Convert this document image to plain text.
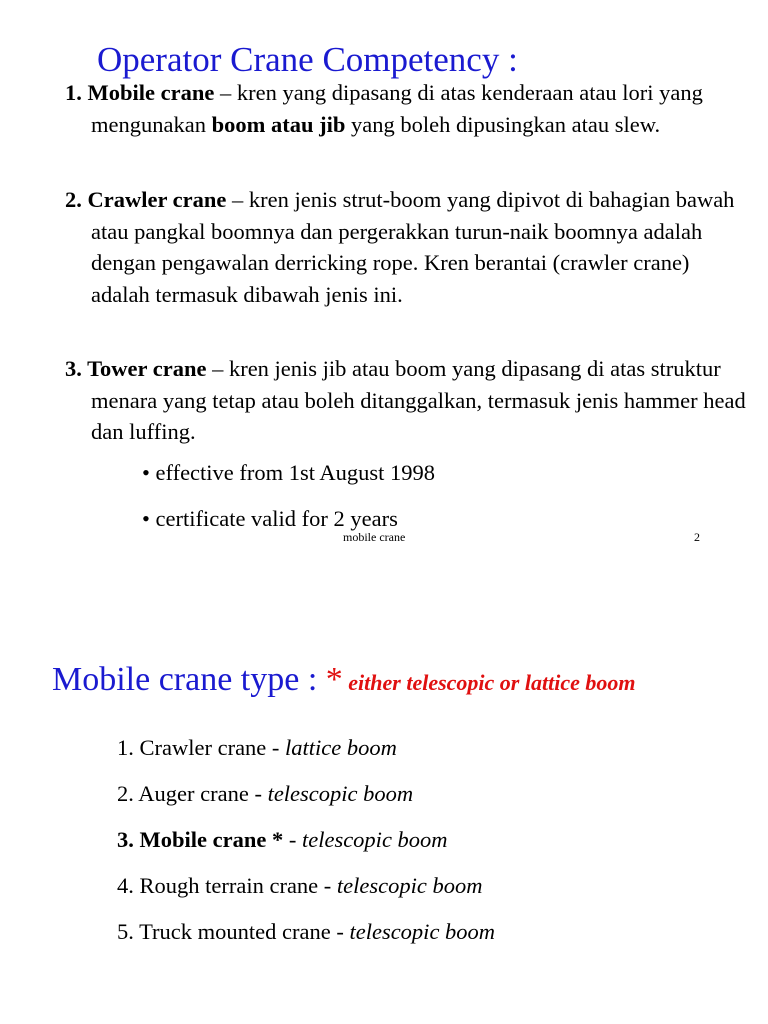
Operator Crane Competency :
1. Mobile crane – kren yang dipasang di atas kenderaan atau lori yang mengunakan boom atau jib yang boleh dipusingkan atau slew.
2. Crawler crane – kren jenis strut-boom yang dipivot di bahagian bawah atau pangkal boomnya dan pergerakkan turun-naik boomnya adalah dengan pengawalan derricking rope. Kren berantai (crawler crane) adalah termasuk dibawah jenis ini.
3. Tower crane – kren jenis jib atau boom yang dipasang di atas struktur menara yang tetap atau boleh ditanggalkan, termasuk jenis hammer head dan luffing.
• effective from 1st August 1998
• certificate valid for 2 years
mobile crane	2
Mobile crane type : * either telescopic or lattice boom
1. Crawler crane - lattice boom
2. Auger crane - telescopic boom
3. Mobile crane * - telescopic boom
4. Rough terrain crane - telescopic boom
5. Truck mounted crane - telescopic boom
